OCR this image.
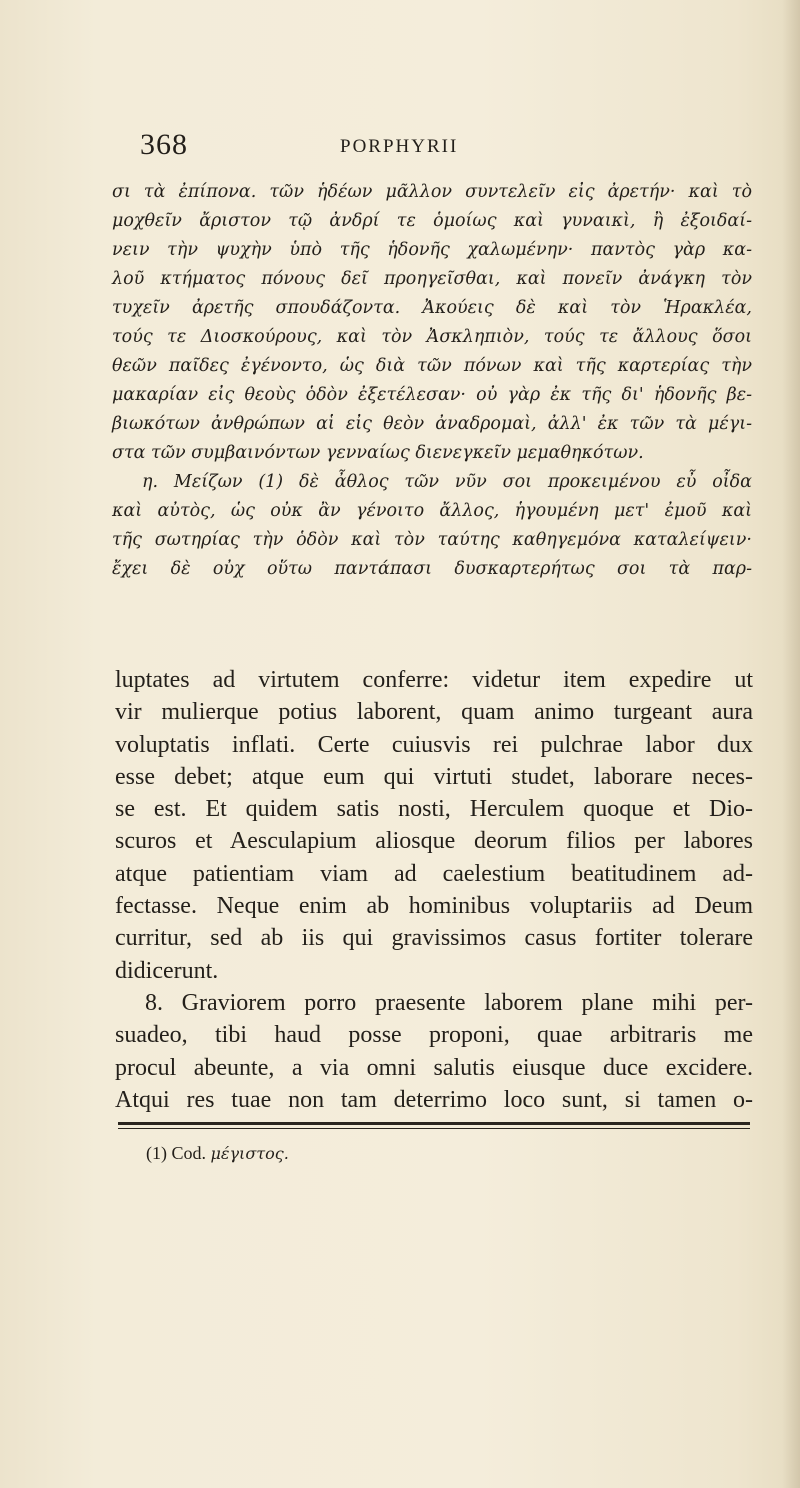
368	PORPHYRII

σι τὰ ἐπίπονα. τῶν ἡδέων μᾶλλον συντελεῖν εἰς ἀρετήν· καὶ τὸ

μοχθεῖν ἄριστον τῷ ἀνδρί τε ὁμοίως καὶ γυναικὶ, ἢ ἐξοιδαί-

νειν τὴν ψυχὴν ὑπὸ τῆς ἡδονῆς χαλωμένην· παντὸς γὰρ κα-

λοῦ κτήματος πόνους δεῖ προηγεῖσθαι, καὶ πονεῖν ἀνάγκη τὸν

τυχεῖν ἀρετῆς σπουδάζοντα. Ἀκούεις δὲ καὶ τὸν Ἡρακλέα,

τούς τε Διοσκούρους, καὶ τὸν Ἀσκληπιὸν, τούς τε ἄλλους ὅσοι

θεῶν παῖδες ἐγένοντο, ὡς διὰ τῶν πόνων καὶ τῆς καρτερίας τὴν

μακαρίαν εἰς θεοὺς ὁδὸν ἐξετέλεσαν· οὐ γὰρ ἐκ τῆς δι' ἡδονῆς βε-

βιωκότων ἀνθρώπων αἱ εἰς θεὸν ἀναδρομαὶ, ἀλλ' ἐκ τῶν τὰ μέγι-

στα τῶν συμβαινόντων γενναίως διενεγκεῖν μεμαθηκότων.

η. Μείζων (1) δὲ ἆθλος τῶν νῦν σοι προκειμένου εὖ οἶδα

καὶ αὐτὸς, ὡς οὐκ ἂν γένοιτο ἄλλος, ἡγουμένη μετ' ἐμοῦ καὶ

τῆς σωτηρίας τὴν ὁδὸν καὶ τὸν ταύτης καθηγεμόνα καταλείψειν·

ἔχει δὲ οὐχ οὕτω παντάπασι δυσκαρτερήτως σοι τὰ παρ-

luptates ad virtutem conferre: videtur item expedire ut

vir mulierque potius laborent, quam animo turgeant aura

voluptatis inflati. Certe cuiusvis rei pulchrae labor dux

esse debet; atque eum qui virtuti studet, laborare neces-

se est. Et quidem satis nosti, Herculem quoque et Dio-

scuros et Aesculapium aliosque deorum filios per labores

atque patientiam viam ad caelestium beatitudinem ad-

fectasse. Neque enim ab hominibus voluptariis ad Deum

curritur, sed ab iis qui gravissimos casus fortiter tolerare

didicerunt.

8. Graviorem porro praesente laborem plane mihi per-

suadeo, tibi haud posse proponi, quae arbitraris me

procul abeunte, a via omni salutis eiusque duce excidere.

Atqui res tuae non tam deterrimo loco sunt, si tamen o-

(1) Cod. μέγιστος.
